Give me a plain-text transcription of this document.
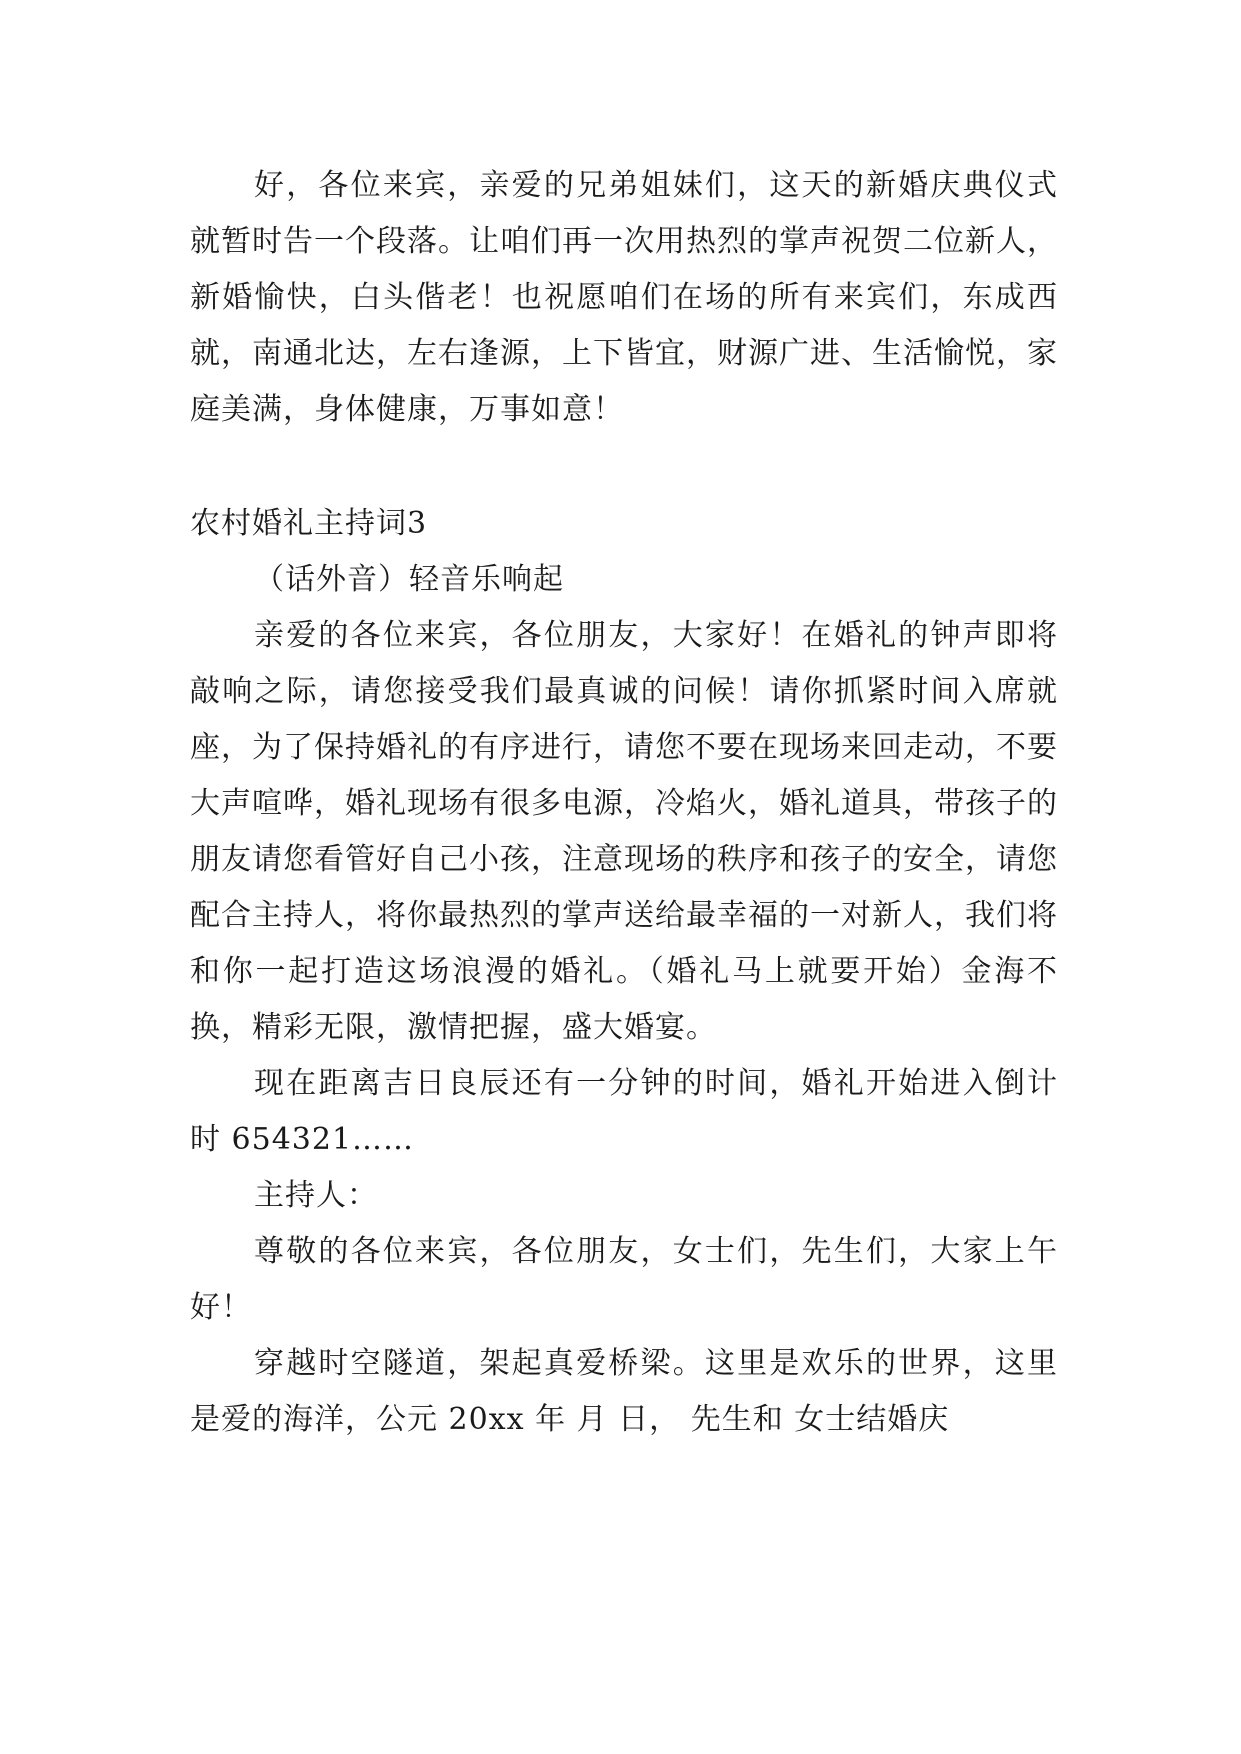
好，各位来宾，亲爱的兄弟姐妹们，这天的新婚庆典仪式就暂时告一个段落。让咱们再一次用热烈的掌声祝贺二位新人，新婚愉快，白头偕老！也祝愿咱们在场的所有来宾们，东成西就，南通北达，左右逢源，上下皆宜，财源广进、生活愉悦，家庭美满，身体健康，万事如意！

农村婚礼主持词3

（话外音）轻音乐响起

亲爱的各位来宾，各位朋友，大家好！在婚礼的钟声即将敲响之际，请您接受我们最真诚的问候！请你抓紧时间入席就座，为了保持婚礼的有序进行，请您不要在现场来回走动，不要大声喧哗，婚礼现场有很多电源，冷焰火，婚礼道具，带孩子的朋友请您看管好自己小孩，注意现场的秩序和孩子的安全，请您配合主持人，将你最热烈的掌声送给最幸福的一对新人，我们将和你一起打造这场浪漫的婚礼。（婚礼马上就要开始）金海不换，精彩无限，激情把握，盛大婚宴。

现在距离吉日良辰还有一分钟的时间，婚礼开始进入倒计时 654321……

主持人：

尊敬的各位来宾，各位朋友，女士们，先生们，大家上午好！

穿越时空隧道，架起真爱桥梁。这里是欢乐的世界，这里是爱的海洋，公元 20xx 年 月 日， 先生和 女士结婚庆
